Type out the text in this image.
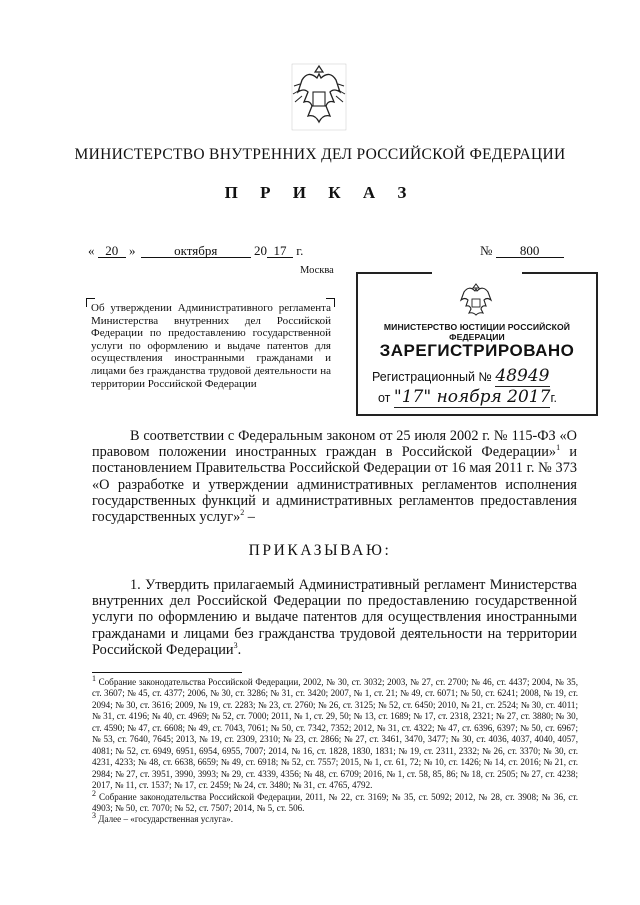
МИНИСТЕРСТВО ВНУТРЕННИХ ДЕЛ РОССИЙСКОЙ ФЕДЕРАЦИИ
П Р И К А З
« 20 »	октября	20 17 г.	№ 800
Москва
Об утверждении Административного регламента Министерства внутренних дел Российской Федерации по предоставлению государственной услуги по оформлению и выдаче патентов для осуществления иностранными гражданами и лицами без гражданства трудовой деятельности на территории Российской Федерации
МИНИСТЕРСТВО ЮСТИЦИИ РОССИЙСКОЙ ФЕДЕРАЦИИ
ЗАРЕГИСТРИРОВАНО
Регистрационный № 48949
от "17" ноября 2017г.
В соответствии с Федеральным законом от 25 июля 2002 г. № 115-ФЗ «О правовом положении иностранных граждан в Российской Федерации»$^1$ и постановлением Правительства Российской Федерации от 16 мая 2011 г. № 373 «О разработке и утверждении административных регламентов исполнения государственных функций и административных регламентов предоставления государственных услуг»$^2$ –
ПРИКАЗЫВАЮ:
1. Утвердить прилагаемый Административный регламент Министерства внутренних дел Российской Федерации по предоставлению государственной услуги по оформлению и выдаче патентов для осуществления иностранными гражданами и лицами без гражданства трудовой деятельности на территории Российской Федерации$^3$.

$^1$ Собрание законодательства Российской Федерации, 2002, № 30, ст. 3032; 2003, № 27, ст. 2700; № 46, ст. 4437; 2004, № 35, ст. 3607; № 45, ст. 4377; 2006, № 30, ст. 3286; № 31, ст. 3420; 2007, № 1, ст. 21; № 49, ст. 6071; № 50, ст. 6241; 2008, № 19, ст. 2094; № 30, ст. 3616; 2009, № 19, ст. 2283; № 23, ст. 2760; № 26, ст. 3125; № 52, ст. 6450; 2010, № 21, ст. 2524; № 30, ст. 4011; № 31, ст. 4196; № 40, ст. 4969; № 52, ст. 7000; 2011, № 1, ст. 29, 50; № 13, ст. 1689; № 17, ст. 2318, 2321; № 27, ст. 3880; № 30, ст. 4590; № 47, ст. 6608; № 49, ст. 7043, 7061; № 50, ст. 7342, 7352; 2012, № 31, ст. 4322; № 47, ст. 6396, 6397; № 50, ст. 6967; № 53, ст. 7640, 7645; 2013, № 19, ст. 2309, 2310; № 23, ст. 2866; № 27, ст. 3461, 3470, 3477; № 30, ст. 4036, 4037, 4040, 4057, 4081; № 52, ст. 6949, 6951, 6954, 6955, 7007; 2014, № 16, ст. 1828, 1830, 1831; № 19, ст. 2311, 2332; № 26, ст. 3370; № 30, ст. 4231, 4233; № 48, ст. 6638, 6659; № 49, ст. 6918; № 52, ст. 7557; 2015, № 1, ст. 61, 72; № 10, ст. 1426; № 14, ст. 2016; № 21, ст. 2984; № 27, ст. 3951, 3990, 3993; № 29, ст. 4339, 4356; № 48, ст. 6709; 2016, № 1, ст. 58, 85, 86; № 18, ст. 2505; № 27, ст. 4238; 2017, № 11, ст. 1537; № 17, ст. 2459; № 24, ст. 3480; № 31, ст. 4765, 4792.

$^2$ Собрание законодательства Российской Федерации, 2011, № 22, ст. 3169; № 35, ст. 5092; 2012, № 28, ст. 3908; № 36, ст. 4903; № 50, ст. 7070; № 52, ст. 7507; 2014, № 5, ст. 506.

$^3$ Далее – «государственная услуга».
